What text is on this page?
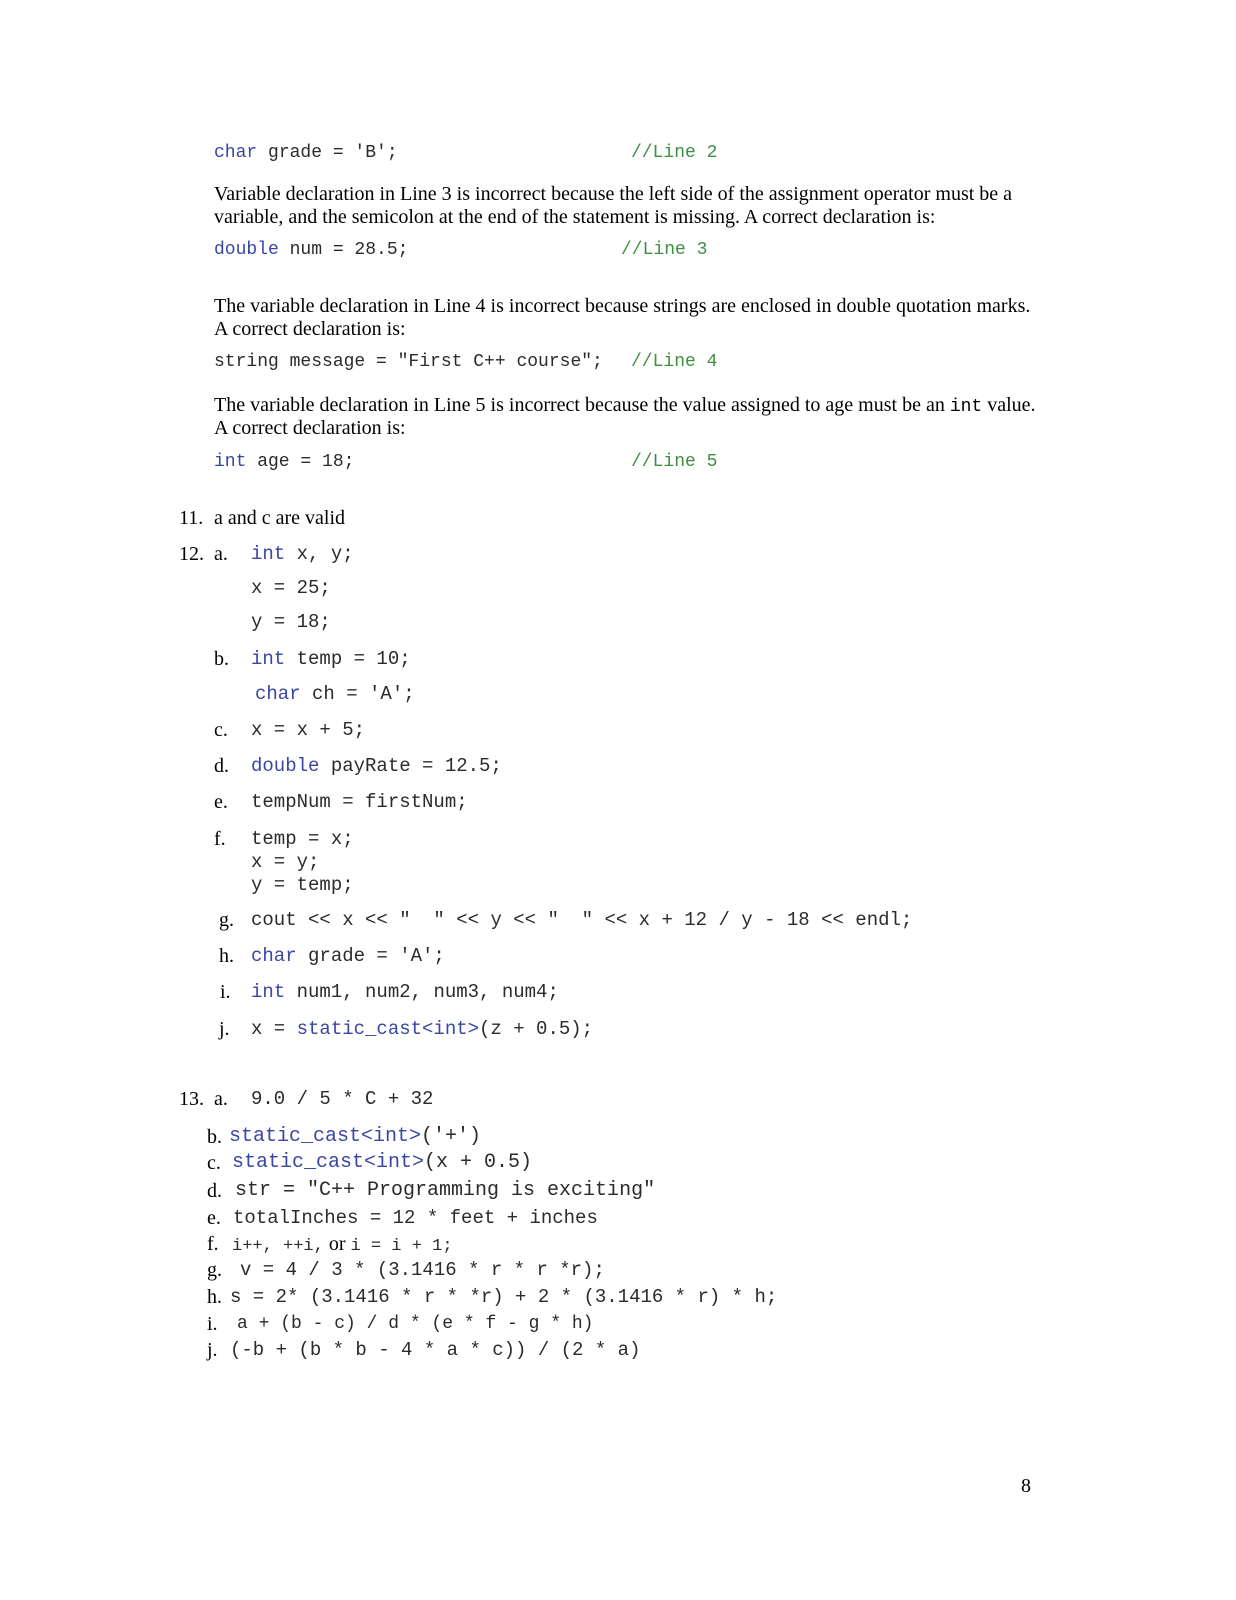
char grade = 'B';	//Line 2
Variable declaration in Line 3 is incorrect because the left side of the assignment operator must be a
variable, and the semicolon at the end of the statement is missing. A correct declaration is:
double num = 28.5;	//Line 3
The variable declaration in Line 4 is incorrect because strings are enclosed in double quotation marks.
A correct declaration is:
string message = "First C++ course"; //Line 4
The variable declaration in Line 5 is incorrect because the value assigned to age must be an int value.
A correct declaration is:
int age = 18;	//Line 5
11. a and c are valid
12. a. int x, y;
x = 25;
y = 18;
b. int temp = 10;
char ch = 'A';
c. x = x + 5;
d. double payRate = 12.5;
e. tempNum = firstNum;
f. temp = x;
x = y;
y = temp;
g. cout << x << "  " << y << "  " << x + 12 / y - 18 << endl;
h. char grade = 'A';
i. int num1, num2, num3, num4;
j. x = static_cast<int>(z + 0.5);
13. a. 9.0 / 5 * C + 32
b. static_cast<int>('+')
c. static_cast<int>(x + 0.5)
d. str = "C++ Programming is exciting"
e. totalInches = 12 * feet + inches
f. i++, ++i, or i = i + 1;
g. v = 4 / 3 * (3.1416 * r * r *r);
h. s = 2* (3.1416 * r * *r) + 2 * (3.1416 * r) * h;
i. a + (b - c) / d * (e * f - g * h)
j. (-b + (b * b - 4 * a * c)) / (2 * a)
8
